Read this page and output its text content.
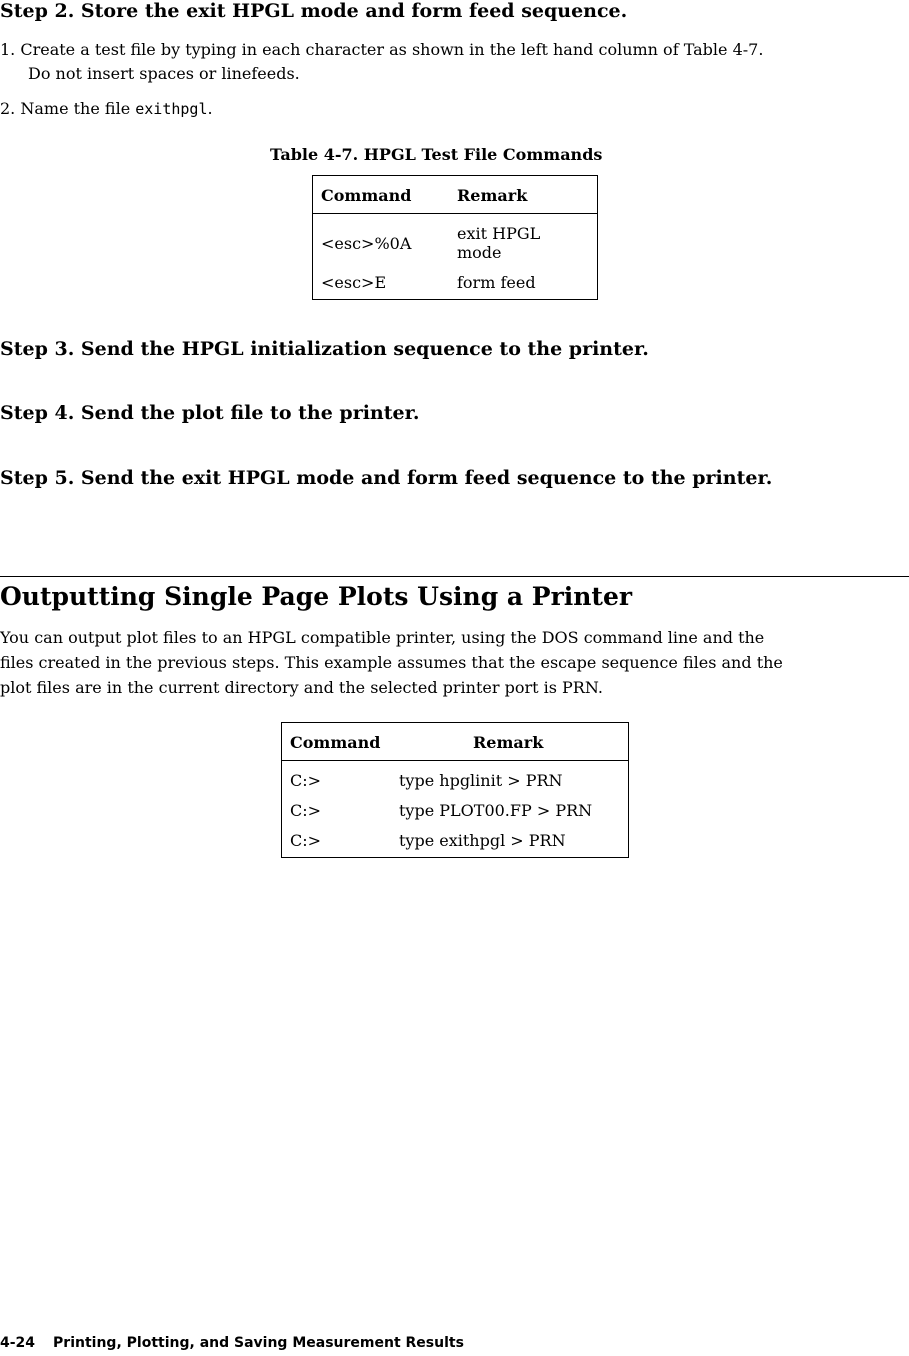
Step 2. Store the exit HPGL mode and form feed sequence.
1. Create a test file by typing in each character as shown in the left hand column of Table 4-7.
Do not insert spaces or linefeeds.
2. Name the file exithpgl.
Table 4-7. HPGL Test File Commands
Command	Remark
<esc>%0A	exit HPGL mode
<esc>E	form feed
Step 3. Send the HPGL initialization sequence to the printer.
Step 4. Send the plot file to the printer.
Step 5. Send the exit HPGL mode and form feed sequence to the printer.
Outputting Single Page Plots Using a Printer
You can output plot files to an HPGL compatible printer, using the DOS command line and the
files created in the previous steps. This example assumes that the escape sequence files and the
plot files are in the current directory and the selected printer port is PRN.
Command	Remark
C:>	type hpglinit > PRN
C:>	type PLOT00.FP > PRN
C:>	type exithpgl > PRN
4-24 Printing, Plotting, and Saving Measurement Results
